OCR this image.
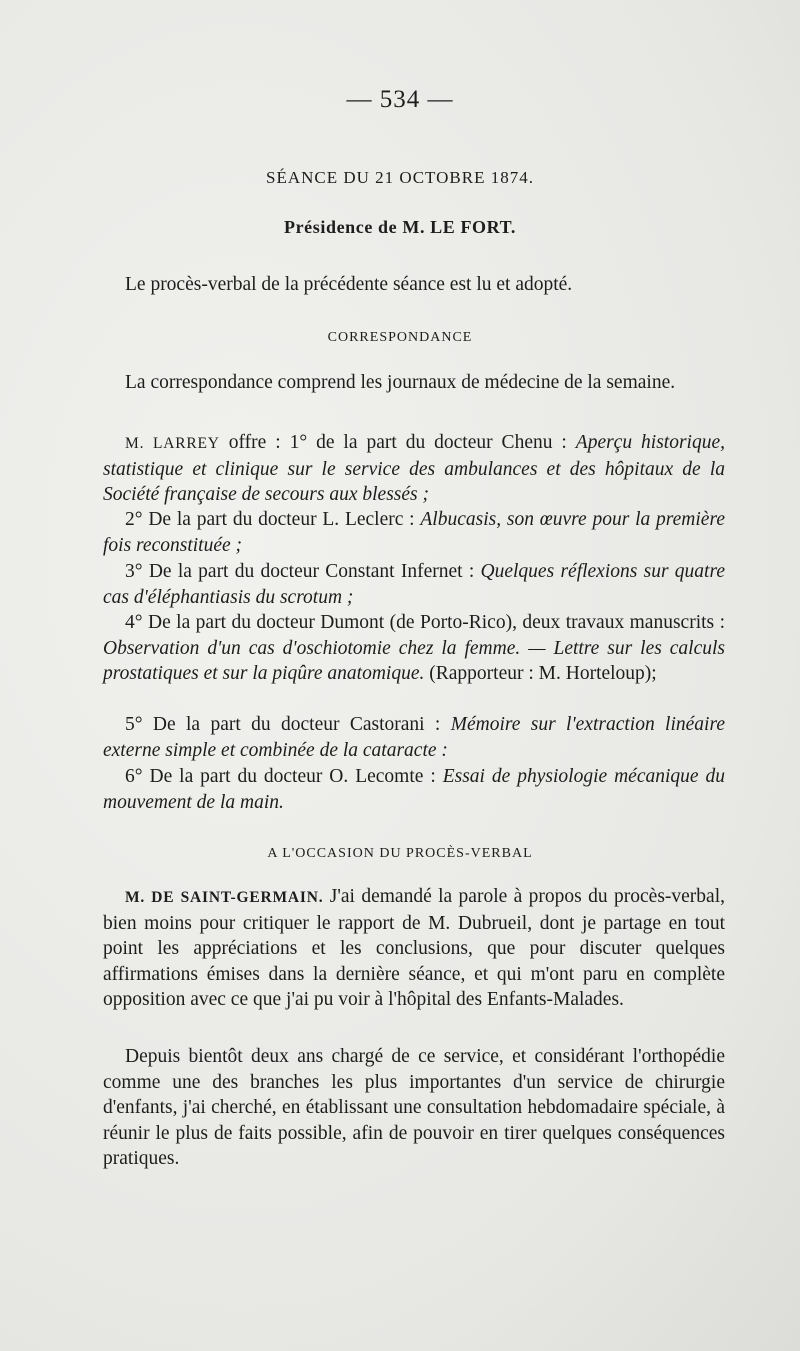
— 534 —
SÉANCE DU 21 OCTOBRE 1874.
Présidence de M. LE FORT.
Le procès-verbal de la précédente séance est lu et adopté.
CORRESPONDANCE
La correspondance comprend les journaux de médecine de la semaine.
M. LARREY offre : 1° de la part du docteur Chenu : Aperçu historique, statistique et clinique sur le service des ambulances et des hôpitaux de la Société française de secours aux blessés ;
2° De la part du docteur L. Leclerc : Albucasis, son œuvre pour la première fois reconstituée ;
3° De la part du docteur Constant Infernet : Quelques réflexions sur quatre cas d'éléphantiasis du scrotum ;
4° De la part du docteur Dumont (de Porto-Rico), deux travaux manuscrits : Observation d'un cas d'oschiotomie chez la femme. — Lettre sur les calculs prostatiques et sur la piqûre anatomique. (Rapporteur : M. Horteloup);
5° De la part du docteur Castorani : Mémoire sur l'extraction linéaire externe simple et combinée de la cataracte :
6° De la part du docteur O. Lecomte : Essai de physiologie mécanique du mouvement de la main.
A L'OCCASION DU PROCÈS-VERBAL
M. DE SAINT-GERMAIN. J'ai demandé la parole à propos du procès-verbal, bien moins pour critiquer le rapport de M. Dubrueil, dont je partage en tout point les appréciations et les conclusions, que pour discuter quelques affirmations émises dans la dernière séance, et qui m'ont paru en complète opposition avec ce que j'ai pu voir à l'hôpital des Enfants-Malades.
Depuis bientôt deux ans chargé de ce service, et considérant l'orthopédie comme une des branches les plus importantes d'un service de chirurgie d'enfants, j'ai cherché, en établissant une consultation hebdomadaire spéciale, à réunir le plus de faits possible, afin de pouvoir en tirer quelques conséquences pratiques.
